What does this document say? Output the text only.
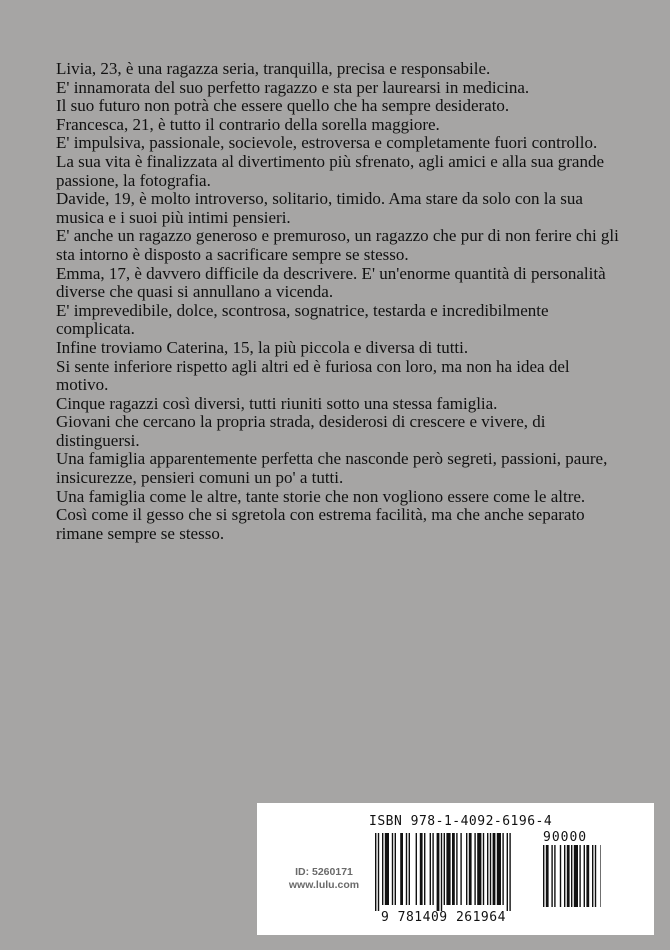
Livia, 23, è una ragazza seria, tranquilla, precisa e responsabile.

E' innamorata del suo perfetto ragazzo e sta per laurearsi in medicina.

Il suo futuro non potrà che essere quello che ha sempre desiderato.

Francesca, 21, è tutto il contrario della sorella maggiore.

E' impulsiva, passionale, socievole, estroversa e completamente fuori controllo.

La sua vita è finalizzata al divertimento più sfrenato, agli amici e alla sua grande passione, la fotografia.

Davide, 19, è molto introverso, solitario, timido. Ama stare da solo con la sua musica e i suoi più intimi pensieri.

E' anche un ragazzo generoso e premuroso, un ragazzo che pur di non ferire chi gli sta intorno è disposto a sacrificare sempre se stesso.

Emma, 17, è davvero difficile da descrivere. E' un'enorme quantità di personalità diverse che quasi si annullano a vicenda.

E' imprevedibile, dolce, scontrosa, sognatrice, testarda e incredibilmente complicata.

Infine troviamo Caterina, 15, la più piccola e diversa di tutti.

Si sente inferiore rispetto agli altri ed è furiosa con loro, ma non ha idea del motivo.

Cinque ragazzi così diversi, tutti riuniti sotto una stessa famiglia.

Giovani che cercano la propria strada, desiderosi di crescere e vivere, di distinguersi.

Una famiglia apparentemente perfetta che nasconde però segreti, passioni, paure, insicurezze, pensieri comuni un po' a tutti.

Una famiglia come le altre, tante storie che non vogliono essere come le altre.

Così come il gesso che si sgretola con estrema facilità, ma che anche separato rimane sempre se stesso.

ID: 5260171
www.lulu.com
ISBN 978-1-4092-6196-4
90000
9 781409 261964
